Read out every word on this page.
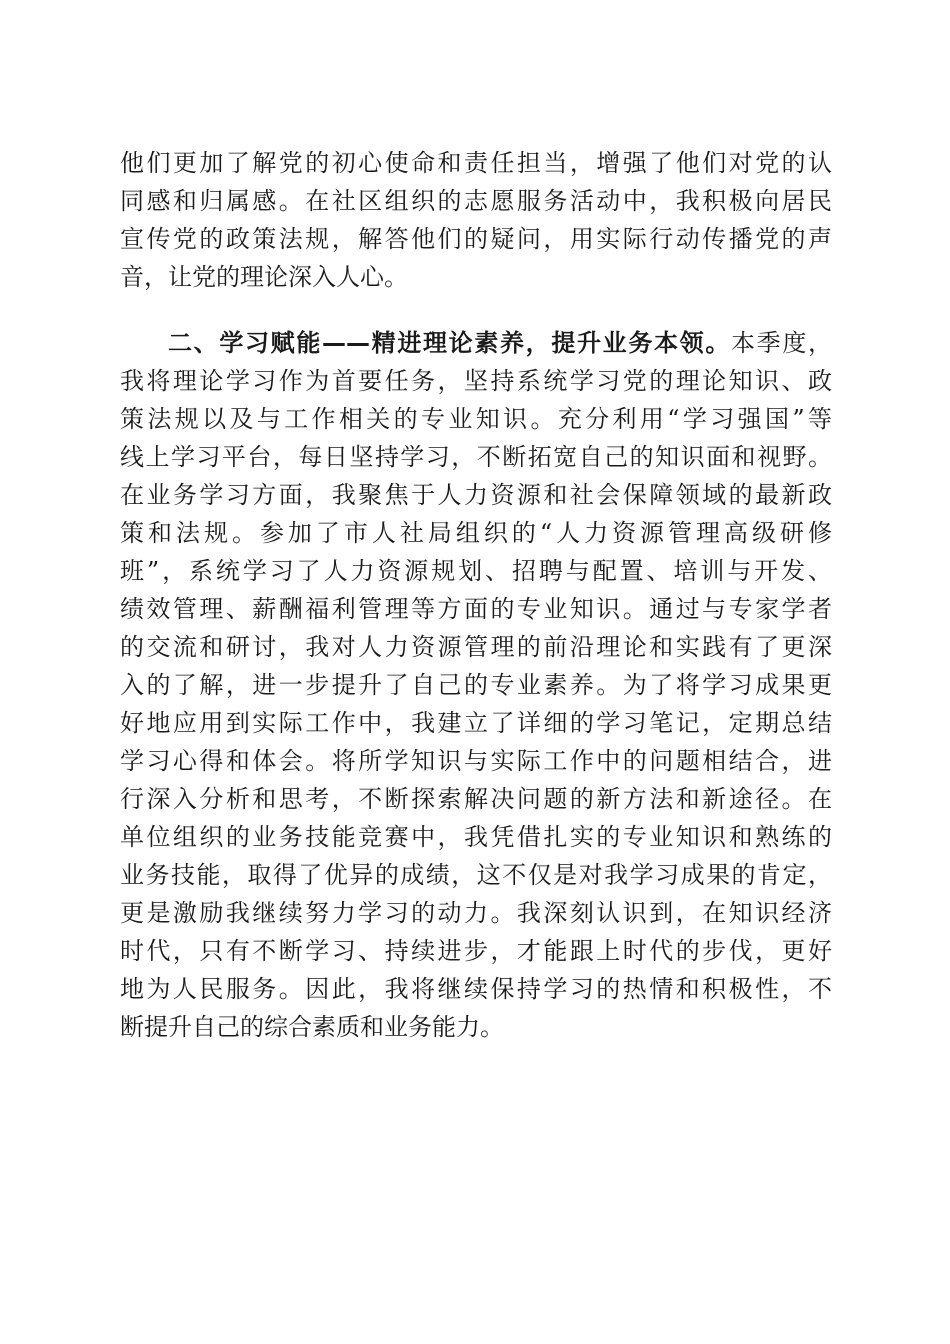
他们更加了解党的初心使命和责任担当，增强了他们对党的认
同感和归属感。在社区组织的志愿服务活动中，我积极向居民
宣传党的政策法规，解答他们的疑问，用实际行动传播党的声
音，让党的理论深入人心。
二、学习赋能——精进理论素养，提升业务本领。本季度，
我将理论学习作为首要任务，坚持系统学习党的理论知识、政
策法规以及与工作相关的专业知识。充分利用“学习强国”等
线上学习平台，每日坚持学习，不断拓宽自己的知识面和视野。
在业务学习方面，我聚焦于人力资源和社会保障领域的最新政
策和法规。参加了市人社局组织的“人力资源管理高级研修
班”，系统学习了人力资源规划、招聘与配置、培训与开发、
绩效管理、薪酬福利管理等方面的专业知识。通过与专家学者
的交流和研讨，我对人力资源管理的前沿理论和实践有了更深
入的了解，进一步提升了自己的专业素养。为了将学习成果更
好地应用到实际工作中，我建立了详细的学习笔记，定期总结
学习心得和体会。将所学知识与实际工作中的问题相结合，进
行深入分析和思考，不断探索解决问题的新方法和新途径。在
单位组织的业务技能竞赛中，我凭借扎实的专业知识和熟练的
业务技能，取得了优异的成绩，这不仅是对我学习成果的肯定，
更是激励我继续努力学习的动力。我深刻认识到，在知识经济
时代，只有不断学习、持续进步，才能跟上时代的步伐，更好
地为人民服务。因此，我将继续保持学习的热情和积极性，不
断提升自己的综合素质和业务能力。
